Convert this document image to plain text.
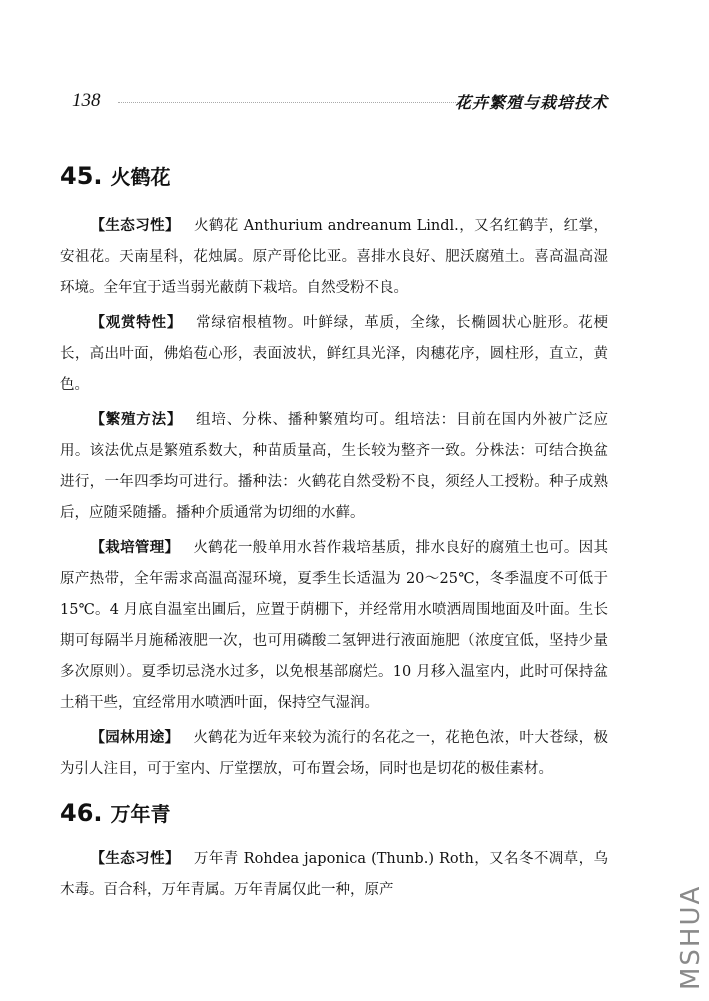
138	花卉繁殖与栽培技术
45. 火鹤花

【生态习性】 火鹤花 Anthurium andreanum Lindl.，又名红鹤芋，红掌，安祖花。天南星科，花烛属。原产哥伦比亚。喜排水良好、肥沃腐殖土。喜高温高湿环境。全年宜于适当弱光蔽荫下栽培。自然受粉不良。

【观赏特性】 常绿宿根植物。叶鲜绿，革质，全缘，长椭圆状心脏形。花梗长，高出叶面，佛焰苞心形，表面波状，鲜红具光泽，肉穗花序，圆柱形，直立，黄色。

【繁殖方法】 组培、分株、播种繁殖均可。组培法：目前在国内外被广泛应用。该法优点是繁殖系数大，种苗质量高，生长较为整齐一致。分株法：可结合换盆进行，一年四季均可进行。播种法：火鹤花自然受粉不良，须经人工授粉。种子成熟后，应随采随播。播种介质通常为切细的水藓。

【栽培管理】 火鹤花一般单用水苔作栽培基质，排水良好的腐殖土也可。因其原产热带，全年需求高温高湿环境，夏季生长适温为 20～25℃，冬季温度不可低于 15℃。4 月底自温室出圃后，应置于荫棚下，并经常用水喷洒周围地面及叶面。生长期可每隔半月施稀液肥一次，也可用磷酸二氢钾进行液面施肥（浓度宜低，坚持少量多次原则）。夏季切忌浇水过多，以免根基部腐烂。10 月移入温室内，此时可保持盆土稍干些，宜经常用水喷洒叶面，保持空气湿润。

【园林用途】 火鹤花为近年来较为流行的名花之一，花艳色浓，叶大苍绿，极为引人注目，可于室内、厅堂摆放，可布置会场，同时也是切花的极佳素材。

46. 万年青

【生态习性】 万年青 Rohdea japonica (Thunb.) Roth，又名冬不凋草，乌木毒。百合科，万年青属。万年青属仅此一种，原产	MSHUA
